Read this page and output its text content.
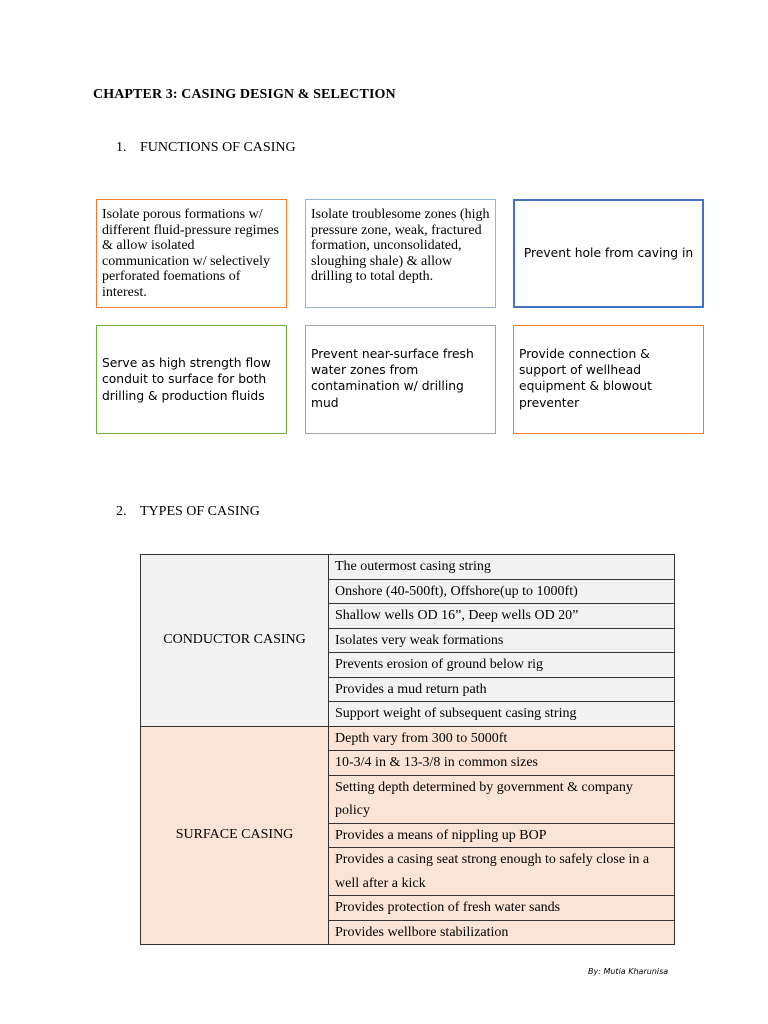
CHAPTER 3: CASING DESIGN & SELECTION
1. FUNCTIONS OF CASING
Isolate porous formations w/ different fluid-pressure regimes & allow isolated communication w/ selectively perforated foemations of interest.
Isolate troublesome zones (high pressure zone, weak, fractured formation, unconsolidated, sloughing shale) & allow drilling to total depth.
Prevent hole from caving in
Serve as high strength flow conduit to surface for both drilling & production fluids
Prevent near-surface fresh water zones from contamination w/ drilling mud
Provide connection & support of wellhead equipment & blowout preventer
2. TYPES OF CASING
CONDUCTOR CASING	The outermost casing string
	Onshore (40-500ft), Offshore(up to 1000ft)
	Shallow wells OD 16”, Deep wells OD 20”
	Isolates very weak formations
	Prevents erosion of ground below rig
	Provides a mud return path
	Support weight of subsequent casing string
SURFACE CASING	Depth vary from 300 to 5000ft
	10-3/4 in & 13-3/8 in common sizes
	Setting depth determined by government & company policy
	Provides a means of nippling up BOP
	Provides a casing seat strong enough to safely close in a well after a kick
	Provides protection of fresh water sands
	Provides wellbore stabilization
By: Mutia Kharunisa
